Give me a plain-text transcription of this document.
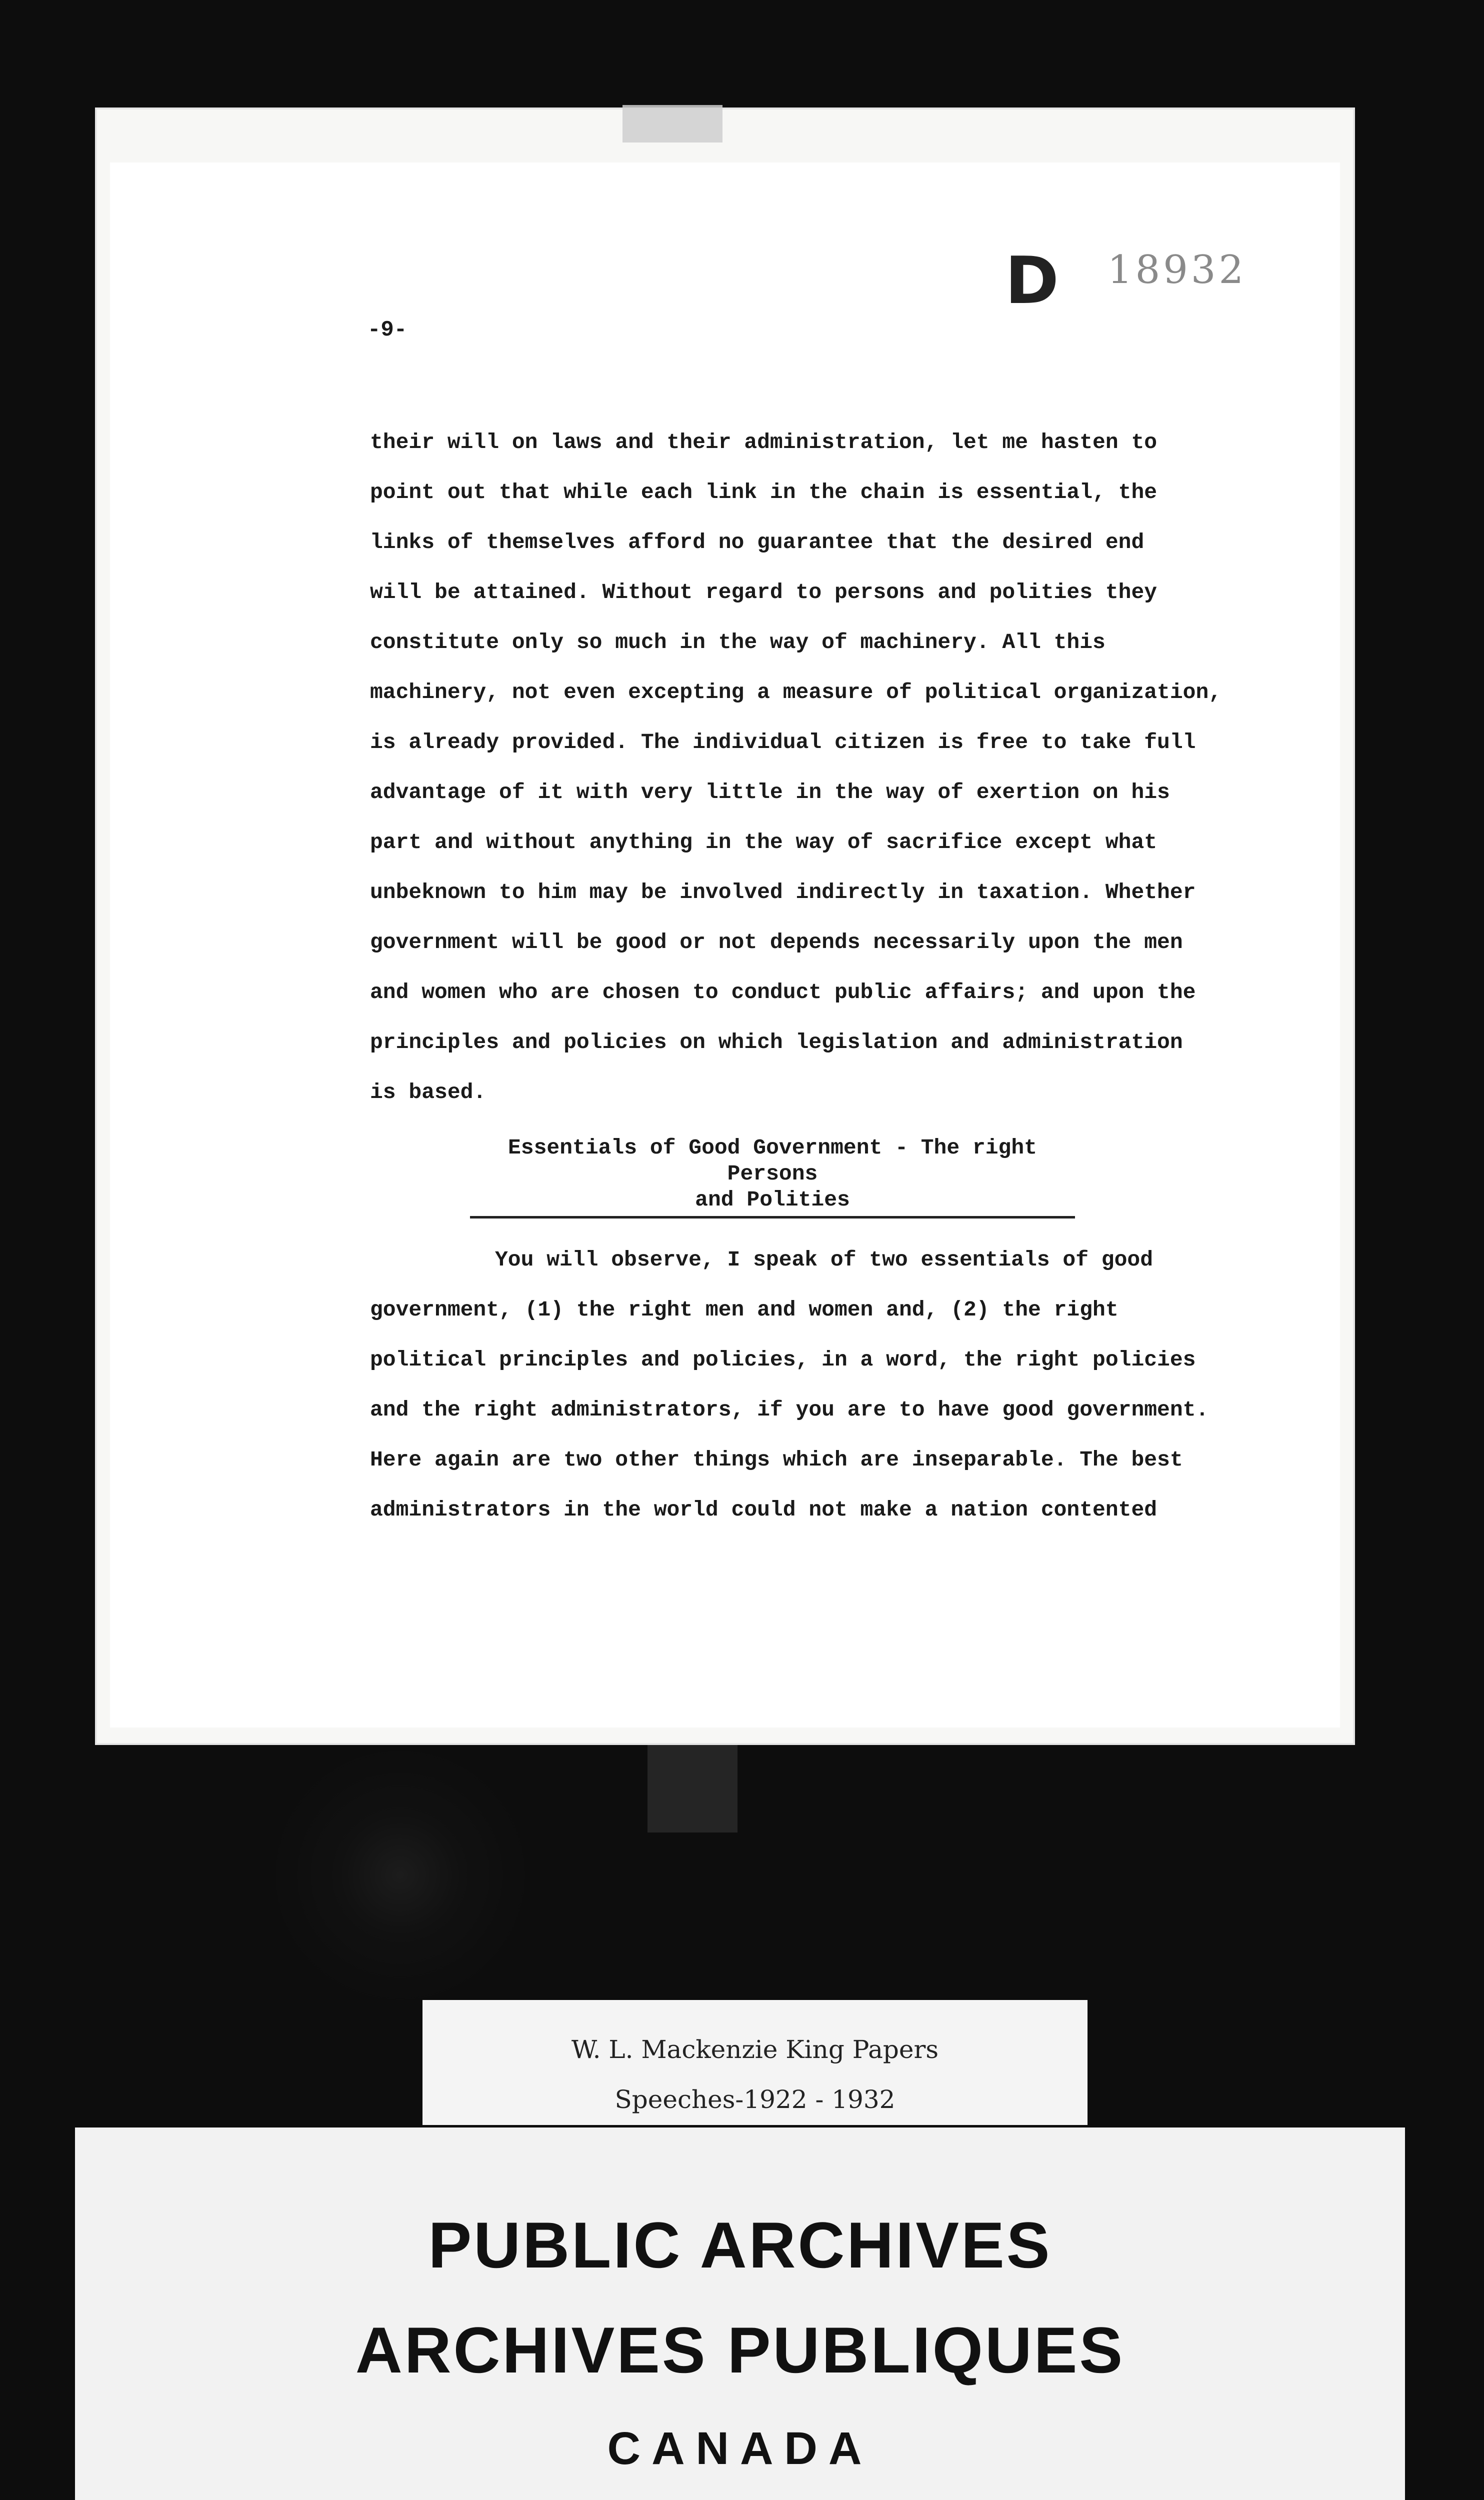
D 18932
-9-
their will on laws and their administration, let me hasten to
point out that while each link in the chain is essential, the
links of themselves afford no guarantee that the desired end
will be attained. Without regard to persons and polities they
constitute only so much in the way of machinery. All this
machinery, not even excepting a measure of political organization,
is already provided. The individual citizen is free to take full
advantage of it with very little in the way of exertion on his
part and without anything in the way of sacrifice except what
unbeknown to him may be involved indirectly in taxation. Whether
government will be good or not depends necessarily upon the men
and women who are chosen to conduct public affairs; and upon the
principles and policies on which legislation and administration
is based.
Essentials of Good Government - The right Persons
and Polities
You will observe, I speak of two essentials of good
government, (1) the right men and women and, (2) the right
political principles and policies, in a word, the right policies
and the right administrators, if you are to have good government.
Here again are two other things which are inseparable. The best
administrators in the world could not make a nation contented
W. L. Mackenzie King Papers
Speeches-1922 - 1932
PUBLIC ARCHIVES
ARCHIVES PUBLIQUES
CANADA
